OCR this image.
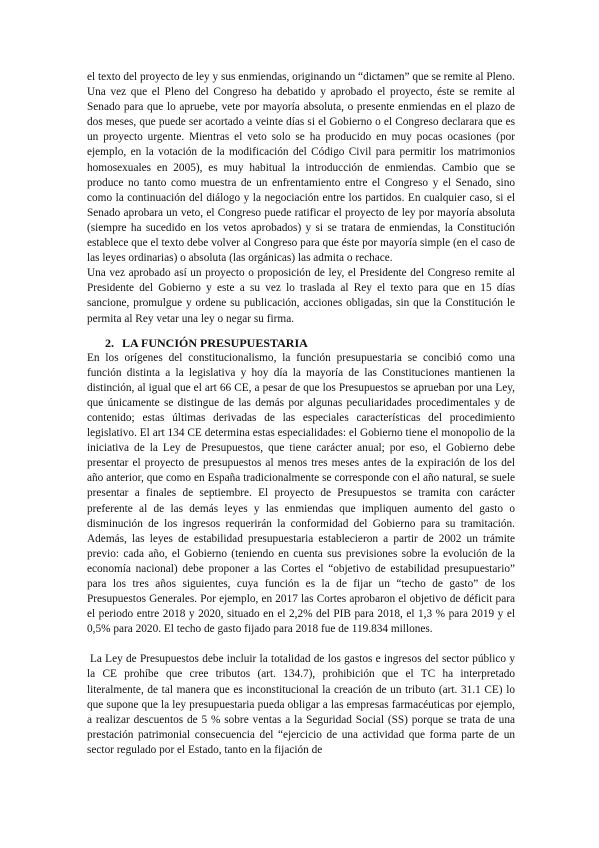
el texto del proyecto de ley y sus enmiendas, originando un “dictamen” que se remite al Pleno.

Una vez que el Pleno del Congreso ha debatido y aprobado el proyecto, éste se remite al Senado para que lo apruebe, vete por mayoría absoluta, o presente enmiendas en el plazo de dos meses, que puede ser acortado a veinte días si el Gobierno o el Congreso declarara que es un proyecto urgente. Mientras el veto solo se ha producido en muy pocas ocasiones (por ejemplo, en la votación de la modificación del Código Civil para permitir los matrimonios homosexuales en 2005), es muy habitual la introducción de enmiendas. Cambio que se produce no tanto como muestra de un enfrentamiento entre el Congreso y el Senado, sino como la continuación del diálogo y la negociación entre los partidos. En cualquier caso, si el Senado aprobara un veto, el Congreso puede ratificar el proyecto de ley por mayoría absoluta (siempre ha sucedido en los vetos aprobados) y si se tratara de enmiendas, la Constitución establece que el texto debe volver al Congreso para que éste por mayoría simple (en el caso de las leyes ordinarias) o absoluta (las orgánicas) las admita o rechace.

Una vez aprobado así un proyecto o proposición de ley, el Presidente del Congreso remite al Presidente del Gobierno y este a su vez lo traslada al Rey el texto para que en 15 días sancione, promulgue y ordene su publicación, acciones obligadas, sin que la Constitución le permita al Rey vetar una ley o negar su firma.

2. LA FUNCIÓN PRESUPUESTARIA

En los orígenes del constitucionalismo, la función presupuestaria se concibió como una función distinta a la legislativa y hoy día la mayoría de las Constituciones mantienen la distinción, al igual que el art 66 CE, a pesar de que los Presupuestos se aprueban por una Ley, que únicamente se distingue de las demás por algunas peculiaridades procedimentales y de contenido; estas últimas derivadas de las especiales características del procedimiento legislativo. El art 134 CE determina estas especialidades: el Gobierno tiene el monopolio de la iniciativa de la Ley de Presupuestos, que tiene carácter anual; por eso, el Gobierno debe presentar el proyecto de presupuestos al menos tres meses antes de la expiración de los del año anterior, que como en España tradicionalmente se corresponde con el año natural, se suele presentar a finales de septiembre. El proyecto de Presupuestos se tramita con carácter preferente al de las demás leyes y las enmiendas que impliquen aumento del gasto o disminución de los ingresos requerirán la conformidad del Gobierno para su tramitación. Además, las leyes de estabilidad presupuestaria establecieron a partir de 2002 un trámite previo: cada año, el Gobierno (teniendo en cuenta sus previsiones sobre la evolución de la economía nacional) debe proponer a las Cortes el “objetivo de estabilidad presupuestario” para los tres años siguientes, cuya función es la de fijar un “techo de gasto” de los Presupuestos Generales. Por ejemplo, en 2017 las Cortes aprobaron el objetivo de déficit para el periodo entre 2018 y 2020, situado en el 2,2% del PIB para 2018, el 1,3 % para 2019 y el 0,5% para 2020. El techo de gasto fijado para 2018 fue de 119.834 millones.

La Ley de Presupuestos debe incluir la totalidad de los gastos e ingresos del sector público y la CE prohíbe que cree tributos (art. 134.7), prohibición que el TC ha interpretado literalmente, de tal manera que es inconstitucional la creación de un tributo (art. 31.1 CE) lo que supone que la ley presupuestaria pueda obligar a las empresas farmacéuticas por ejemplo, a realizar descuentos de 5 % sobre ventas a la Seguridad Social (SS) porque se trata de una prestación patrimonial consecuencia del “ejercicio de una actividad que forma parte de un sector regulado por el Estado, tanto en la fijación de
